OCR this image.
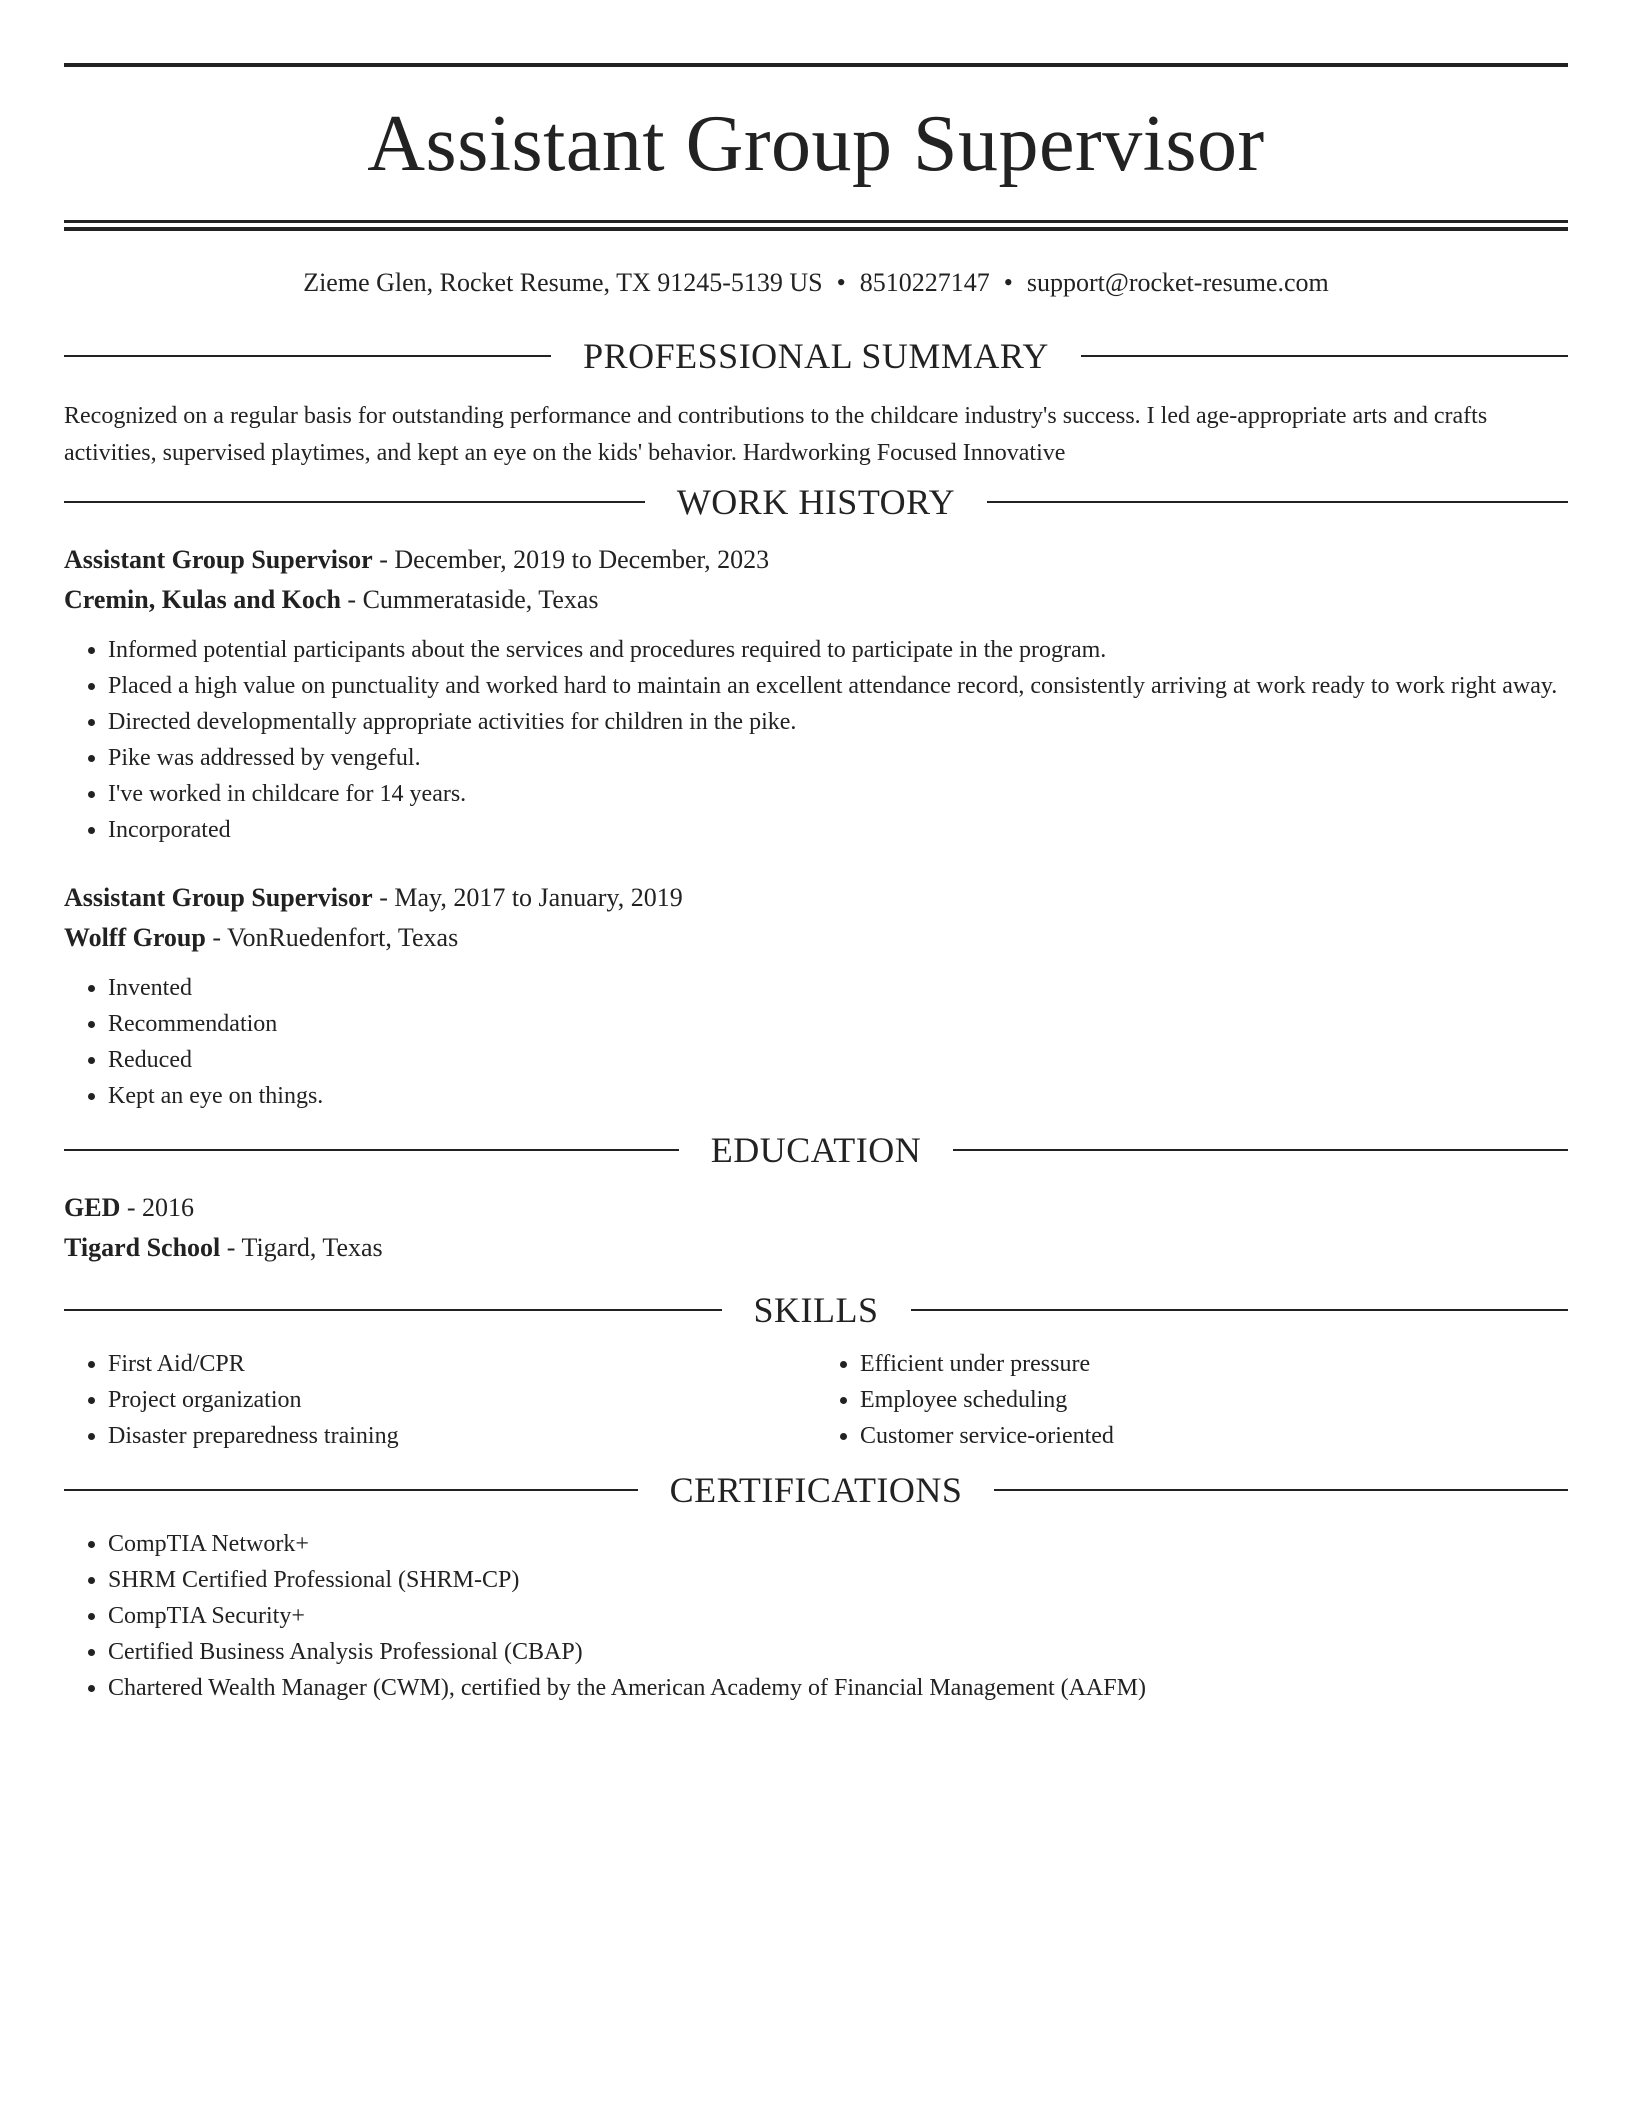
Assistant Group Supervisor
Zieme Glen, Rocket Resume, TX 91245-5139 US • 8510227147 • support@rocket-resume.com
PROFESSIONAL SUMMARY

Recognized on a regular basis for outstanding performance and contributions to the childcare industry's success. I led age-appropriate arts and crafts activities, supervised playtimes, and kept an eye on the kids' behavior. Hardworking Focused Innovative

WORK HISTORY
Assistant Group Supervisor - December, 2019 to December, 2023
Cremin, Kulas and Koch - Cummerataside, Texas
• Informed potential participants about the services and procedures required to participate in the program.
• Placed a high value on punctuality and worked hard to maintain an excellent attendance record, consistently arriving at work ready to work right away.
• Directed developmentally appropriate activities for children in the pike.
• Pike was addressed by vengeful.
• I've worked in childcare for 14 years.
• Incorporated
Assistant Group Supervisor - May, 2017 to January, 2019
Wolff Group - VonRuedenfort, Texas
• Invented
• Recommendation
• Reduced
• Kept an eye on things.
EDUCATION
GED - 2016
Tigard School - Tigard, Texas
SKILLS
• First Aid/CPR
• Project organization
• Disaster preparedness training
• Efficient under pressure
• Employee scheduling
• Customer service-oriented
CERTIFICATIONS
• CompTIA Network+
• SHRM Certified Professional (SHRM-CP)
• CompTIA Security+
• Certified Business Analysis Professional (CBAP)
• Chartered Wealth Manager (CWM), certified by the American Academy of Financial Management (AAFM)
